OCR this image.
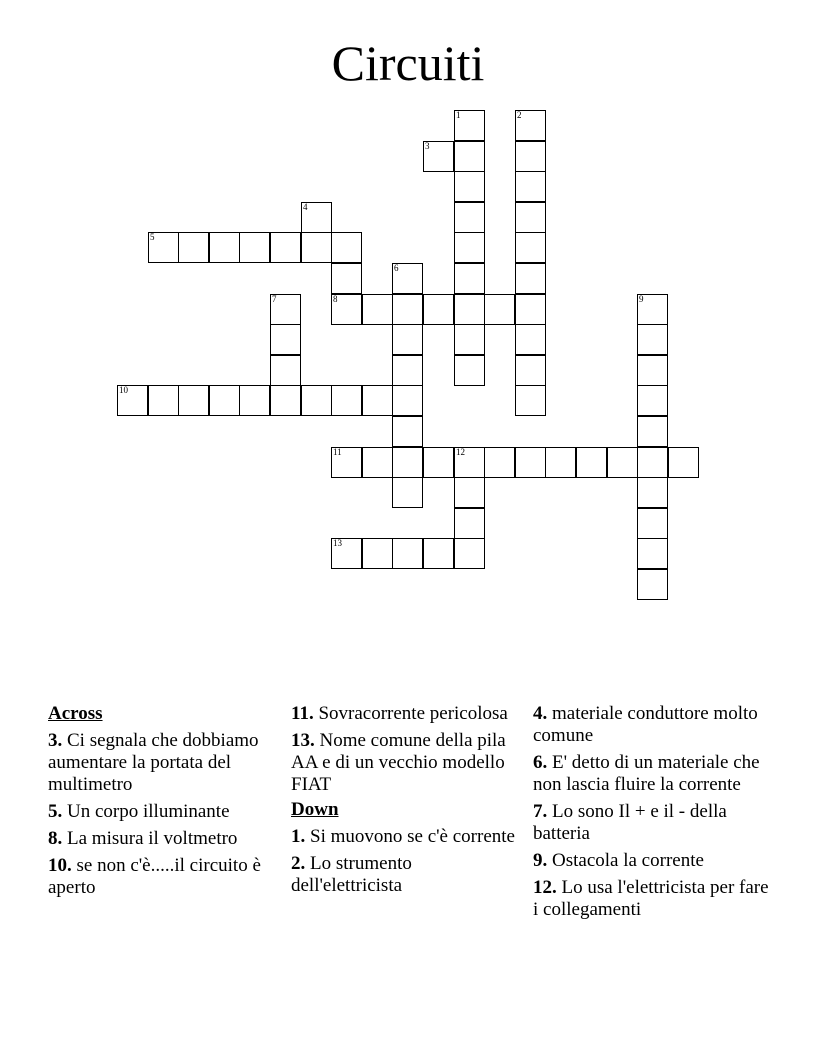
Circuiti
1	2
3
4
5
6
7	8	9
10
11	12
13
Across
3. Ci segnala che dobbiamo aumentare la portata del multimetro
5. Un corpo illuminante
8. La misura il voltmetro
10. se non c'è.....il circuito è aperto
11. Sovracorrente pericolosa
13. Nome comune della pila AA e di un vecchio modello FIAT
Down
1. Si muovono se c'è corrente
2. Lo strumento dell'elettricista
4. materiale conduttore molto comune
6. E' detto di un materiale che non lascia fluire la corrente
7. Lo sono Il + e il - della batteria
9. Ostacola la corrente
12. Lo usa l'elettricista per fare i collegamenti
